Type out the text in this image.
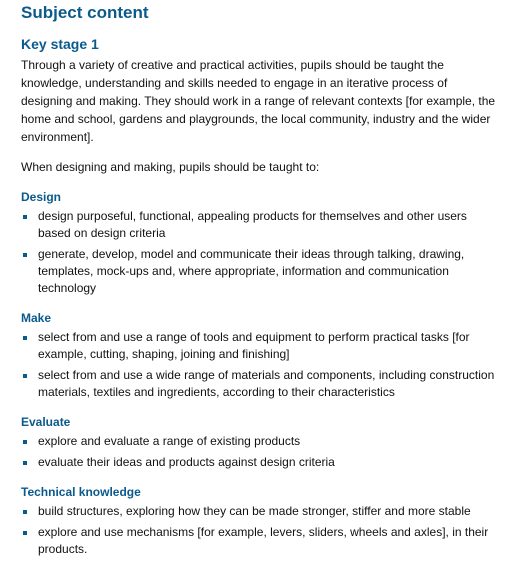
Subject content
Key stage 1

Through a variety of creative and practical activities, pupils should be taught the knowledge, understanding and skills needed to engage in an iterative process of designing and making. They should work in a range of relevant contexts [for example, the home and school, gardens and playgrounds, the local community, industry and the wider environment].

When designing and making, pupils should be taught to:

Design
design purposeful, functional, appealing products for themselves and other users based on design criteria
generate, develop, model and communicate their ideas through talking, drawing, templates, mock-ups and, where appropriate, information and communication technology
Make
select from and use a range of tools and equipment to perform practical tasks [for example, cutting, shaping, joining and finishing]
select from and use a wide range of materials and components, including construction materials, textiles and ingredients, according to their characteristics
Evaluate
explore and evaluate a range of existing products
evaluate their ideas and products against design criteria
Technical knowledge
build structures, exploring how they can be made stronger, stiffer and more stable
explore and use mechanisms [for example, levers, sliders, wheels and axles], in their products.
